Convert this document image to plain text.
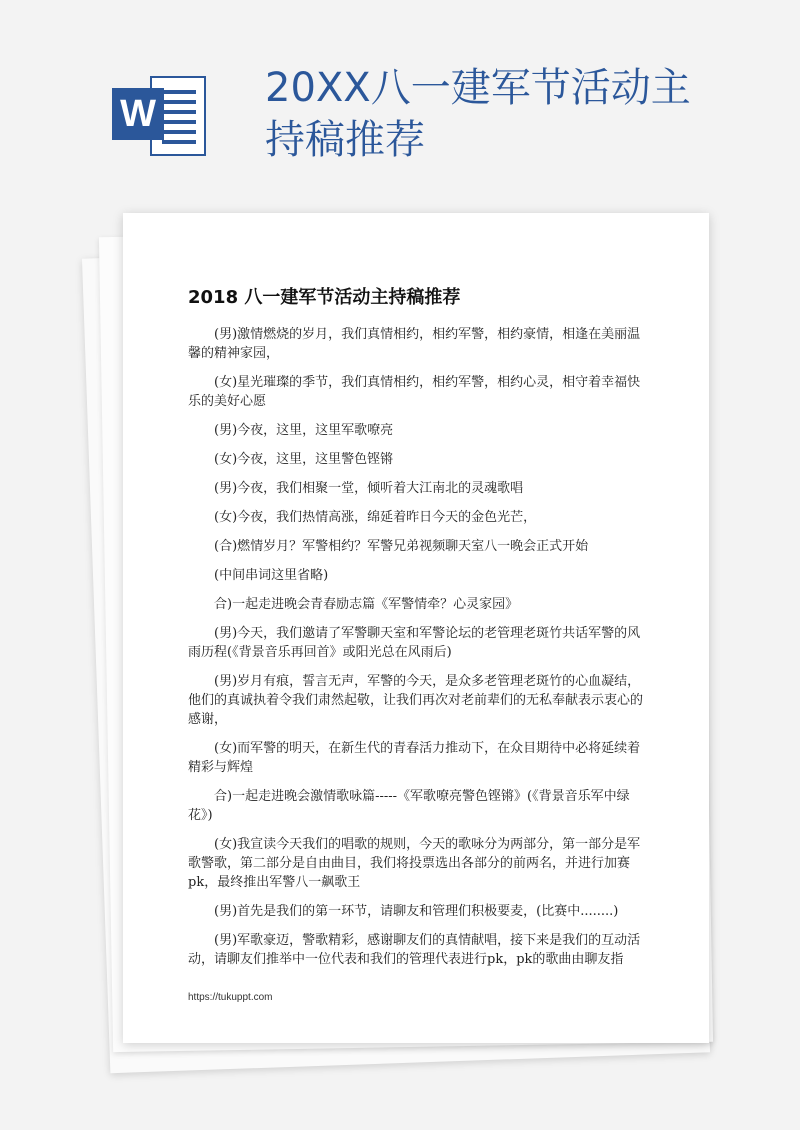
W
20XX八一建军节活动主持稿推荐
2018 八一建军节活动主持稿推荐

(男)激情燃烧的岁月，我们真情相约，相约军警，相约豪情，相逢在美丽温馨的精神家园，

(女)星光璀璨的季节，我们真情相约，相约军警，相约心灵，相守着幸福快乐的美好心愿

(男)今夜，这里，这里军歌嘹亮

(女)今夜，这里，这里警色铿锵

(男)今夜，我们相聚一堂，倾听着大江南北的灵魂歌唱

(女)今夜，我们热情高涨，绵延着昨日今天的金色光芒，

(合)燃情岁月？军警相约？军警兄弟视频聊天室八一晚会正式开始

(中间串词这里省略)

合)一起走进晚会青春励志篇《军警情牵？心灵家园》

(男)今天，我们邀请了军警聊天室和军警论坛的老管理老斑竹共话军警的风雨历程(《背景音乐再回首》或阳光总在风雨后)

(男)岁月有痕，誓言无声，军警的今天，是众多老管理老斑竹的心血凝结，他们的真诚执着令我们肃然起敬，让我们再次对老前辈们的无私奉献表示衷心的感谢，

(女)而军警的明天，在新生代的青春活力推动下，在众目期待中必将延续着精彩与辉煌

合)一起走进晚会激情歌咏篇-----《军歌嘹亮警色铿锵》(《背景音乐军中绿花》)

(女)我宣读今天我们的唱歌的规则，今天的歌咏分为两部分，第一部分是军歌警歌，第二部分是自由曲目，我们将投票选出各部分的前两名，并进行加赛pk，最终推出军警八一飙歌王

(男)首先是我们的第一环节，请聊友和管理们积极要麦，(比赛中........)

(男)军歌豪迈，警歌精彩，感谢聊友们的真情献唱，接下来是我们的互动活动，请聊友们推举中一位代表和我们的管理代表进行pk，pk的歌曲由聊友指

https://tukuppt.com
